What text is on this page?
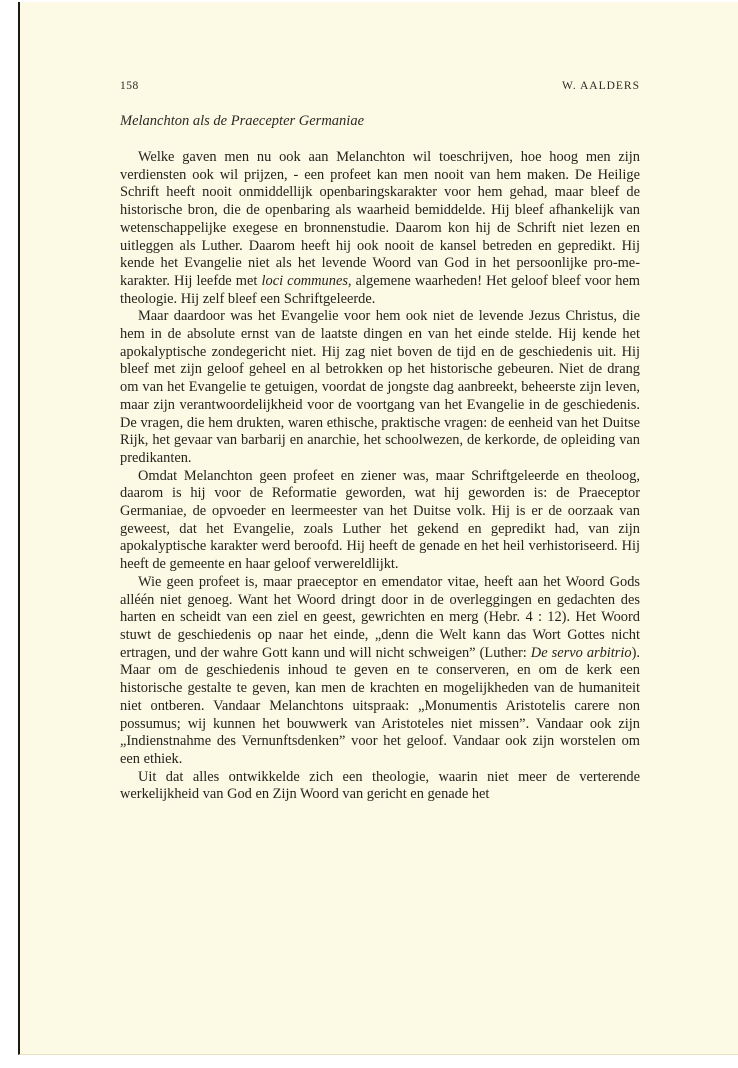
158	W. AALDERS
Melanchton als de Praecepter Germaniae

Welke gaven men nu ook aan Melanchton wil toeschrijven, hoe hoog men zijn verdiensten ook wil prijzen, - een profeet kan men nooit van hem maken. De Heilige Schrift heeft nooit onmiddellijk openbaringskarakter voor hem gehad, maar bleef de historische bron, die de openbaring als waarheid bemiddelde. Hij bleef afhankelijk van wetenschappelijke exegese en bronnenstudie. Daarom kon hij de Schrift niet lezen en uitleggen als Luther. Daarom heeft hij ook nooit de kansel betreden en gepredikt. Hij kende het Evangelie niet als het levende Woord van God in het persoonlijke pro-me-karakter. Hij leefde met loci communes, algemene waarheden! Het geloof bleef voor hem theologie. Hij zelf bleef een Schriftgeleerde.

Maar daardoor was het Evangelie voor hem ook niet de levende Jezus Christus, die hem in de absolute ernst van de laatste dingen en van het einde stelde. Hij kende het apokalyptische zondegericht niet. Hij zag niet boven de tijd en de geschiedenis uit. Hij bleef met zijn geloof geheel en al betrokken op het historische gebeuren. Niet de drang om van het Evangelie te getuigen, voordat de jongste dag aanbreekt, beheerste zijn leven, maar zijn verantwoordelijkheid voor de voortgang van het Evangelie in de geschiedenis. De vragen, die hem drukten, waren ethische, praktische vragen: de eenheid van het Duitse Rijk, het gevaar van barbarij en anarchie, het schoolwezen, de kerkorde, de opleiding van predikanten.

Omdat Melanchton geen profeet en ziener was, maar Schriftgeleerde en theoloog, daarom is hij voor de Reformatie geworden, wat hij geworden is: de Praeceptor Germaniae, de opvoeder en leermeester van het Duitse volk. Hij is er de oorzaak van geweest, dat het Evangelie, zoals Luther het gekend en gepredikt had, van zijn apokalyptische karakter werd beroofd. Hij heeft de genade en het heil verhistoriseerd. Hij heeft de gemeente en haar geloof verwereldlijkt.

Wie geen profeet is, maar praeceptor en emendator vitae, heeft aan het Woord Gods alléén niet genoeg. Want het Woord dringt door in de overleggingen en gedachten des harten en scheidt van een ziel en geest, gewrichten en merg (Hebr. 4 : 12). Het Woord stuwt de geschiedenis op naar het einde, „denn die Welt kann das Wort Gottes nicht ertragen, und der wahre Gott kann und will nicht schweigen” (Luther: De servo arbitrio). Maar om de geschiedenis inhoud te geven en te conserveren, en om de kerk een historische gestalte te geven, kan men de krachten en mogelijkheden van de humaniteit niet ontberen. Vandaar Melanchtons uitspraak: „Monumentis Aristotelis carere non possumus; wij kunnen het bouwwerk van Aristoteles niet missen”. Vandaar ook zijn „Indienstnahme des Vernunftsdenken” voor het geloof. Vandaar ook zijn worstelen om een ethiek.

Uit dat alles ontwikkelde zich een theologie, waarin niet meer de verterende werkelijkheid van God en Zijn Woord van gericht en genade het
